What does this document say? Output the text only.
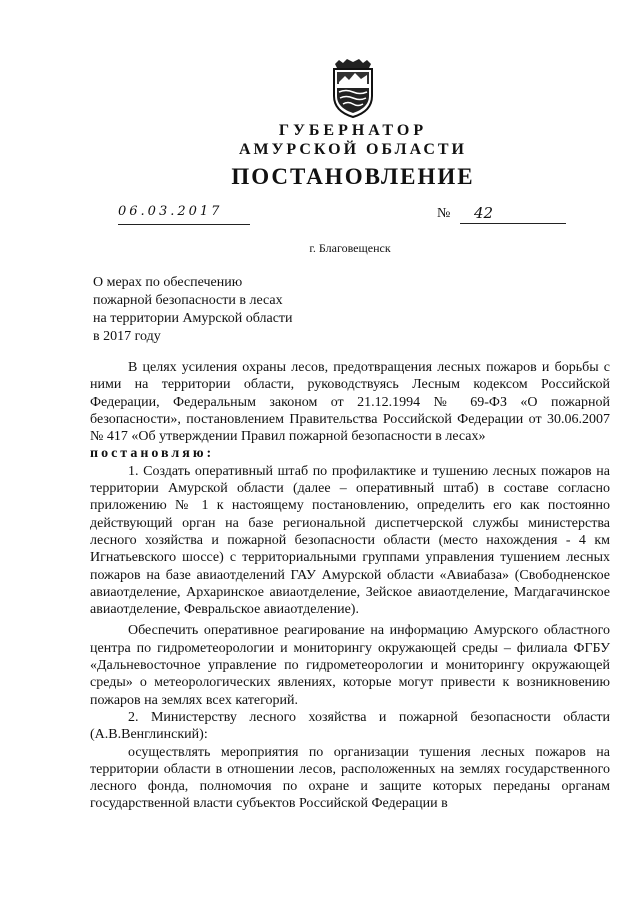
ГУБЕРНАТОР
АМУРСКОЙ ОБЛАСТИ
ПОСТАНОВЛЕНИЕ
06.03.2017	№	42
г. Благовещенск
О мерах по обеспечению
пожарной безопасности в лесах
на территории Амурской области
в 2017 году

В целях усиления охраны лесов, предотвращения лесных пожаров и борьбы с ними на территории области, руководствуясь Лесным кодексом Российской Федерации, Федеральным законом от 21.12.1994 № 69-ФЗ «О пожарной безопасности», постановлением Правительства Российской Федерации от 30.06.2007 № 417 «Об утверждении Правил пожарной безопасности в лесах»

постановляю:

1. Создать оперативный штаб по профилактике и тушению лесных пожаров на территории Амурской области (далее – оперативный штаб) в составе согласно приложению № 1 к настоящему постановлению, определить его как постоянно действующий орган на базе региональной диспетчерской службы министерства лесного хозяйства и пожарной безопасности области (место нахождения - 4 км Игнатьевского шоссе) с территориальными группами управления тушением лесных пожаров на базе авиаотделений ГАУ Амурской области «Авиабаза» (Свободненское авиаотделение, Архаринское авиаотделение, Зейское авиаотделение, Магдагачинское авиаотделение, Февральское авиаотделение).

Обеспечить оперативное реагирование на информацию Амурского областного центра по гидрометеорологии и мониторингу окружающей среды – филиала ФГБУ «Дальневосточное управление по гидрометеорологии и мониторингу окружающей среды» о метеорологических явлениях, которые могут привести к возникновению пожаров на землях всех категорий.

2. Министерству лесного хозяйства и пожарной безопасности области (А.В.Венглинский):

осуществлять мероприятия по организации тушения лесных пожаров на территории области в отношении лесов, расположенных на землях государственного лесного фонда, полномочия по охране и защите которых переданы органам государственной власти субъектов Российской Федерации в
